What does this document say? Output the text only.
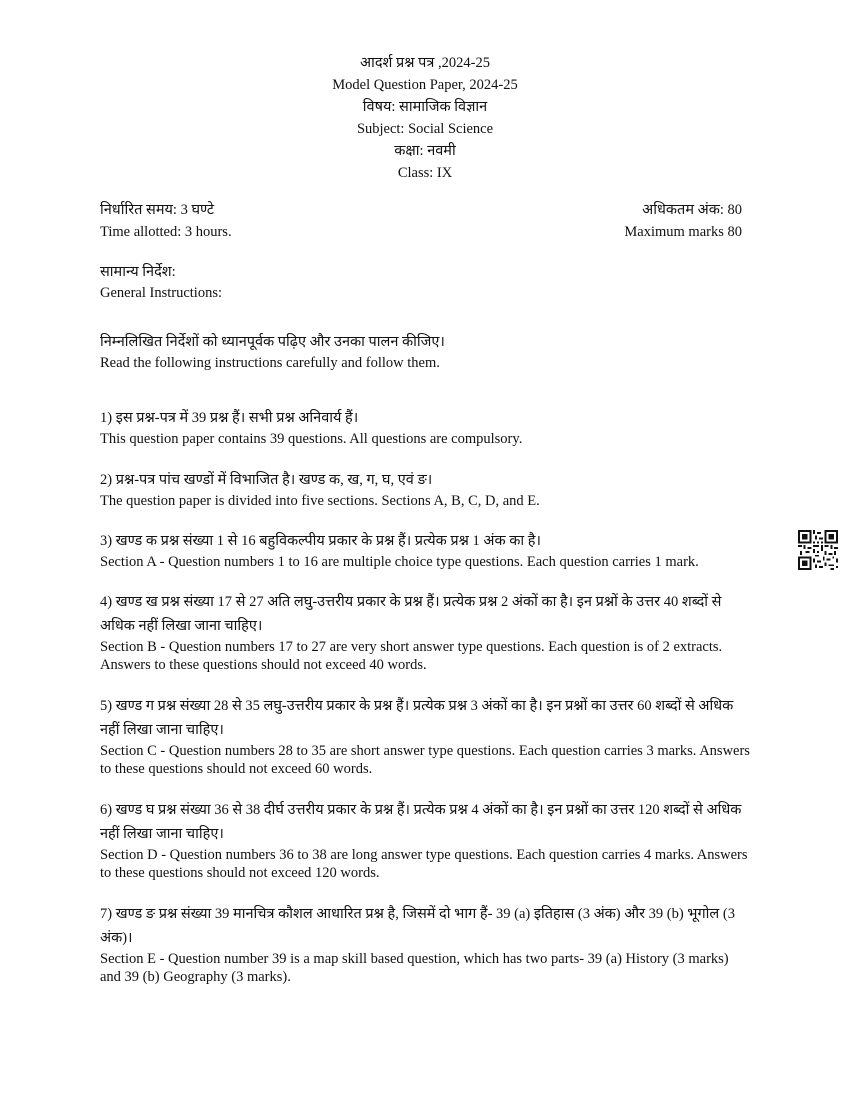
आदर्श प्रश्न पत्र ,2024-25
Model Question Paper, 2024-25
विषय: सामाजिक विज्ञान
Subject: Social Science
कक्षा: नवमी
Class: IX
निर्धारित समय: 3 घण्टे	अधिकतम अंक: 80
Time allotted: 3 hours.	Maximum marks 80
सामान्य निर्देश:
General Instructions:
निम्नलिखित निर्देशों को ध्यानपूर्वक पढ़िए और उनका पालन कीजिए।
Read the following instructions carefully and follow them.
1) इस प्रश्न-पत्र में 39 प्रश्न हैं। सभी प्रश्न अनिवार्य हैं।
This question paper contains 39 questions. All questions are compulsory.
2) प्रश्न-पत्र पांच खण्डों में विभाजित है। खण्ड क, ख, ग, घ, एवं ङ।
The question paper is divided into five sections. Sections A, B, C, D, and E.
3) खण्ड क प्रश्न संख्या 1 से 16 बहुविकल्पीय प्रकार के प्रश्न हैं। प्रत्येक प्रश्न 1 अंक का है।
Section A - Question numbers 1 to 16 are multiple choice type questions. Each question carries 1 mark.
4) खण्ड ख प्रश्न संख्या 17 से 27 अति लघु-उत्तरीय प्रकार के प्रश्न हैं। प्रत्येक प्रश्न 2 अंकों का है। इन प्रश्नों के उत्तर 40 शब्दों से अधिक नहीं लिखा जाना चाहिए।
Section B - Question numbers 17 to 27 are very short answer type questions. Each question is of 2 extracts. Answers to these questions should not exceed 40 words.
5) खण्ड ग प्रश्न संख्या 28 से 35 लघु-उत्तरीय प्रकार के प्रश्न हैं। प्रत्येक प्रश्न 3 अंकों का है। इन प्रश्नों का उत्तर 60 शब्दों से अधिक नहीं लिखा जाना चाहिए।
Section C - Question numbers 28 to 35 are short answer type questions. Each question carries 3 marks. Answers to these questions should not exceed 60 words.
6) खण्ड घ प्रश्न संख्या 36 से 38 दीर्घ उत्तरीय प्रकार के प्रश्न हैं। प्रत्येक प्रश्न 4 अंकों का है। इन प्रश्नों का उत्तर 120 शब्दों से अधिक नहीं लिखा जाना चाहिए।
Section D - Question numbers 36 to 38 are long answer type questions. Each question carries 4 marks. Answers to these questions should not exceed 120 words.
7) खण्ड ङ प्रश्न संख्या 39 मानचित्र कौशल आधारित प्रश्न है, जिसमें दो भाग हैं- 39 (a) इतिहास (3 अंक) और 39 (b) भूगोल (3 अंक)।
Section E - Question number 39 is a map skill based question, which has two parts- 39 (a) History (3 marks) and 39 (b) Geography (3 marks).
